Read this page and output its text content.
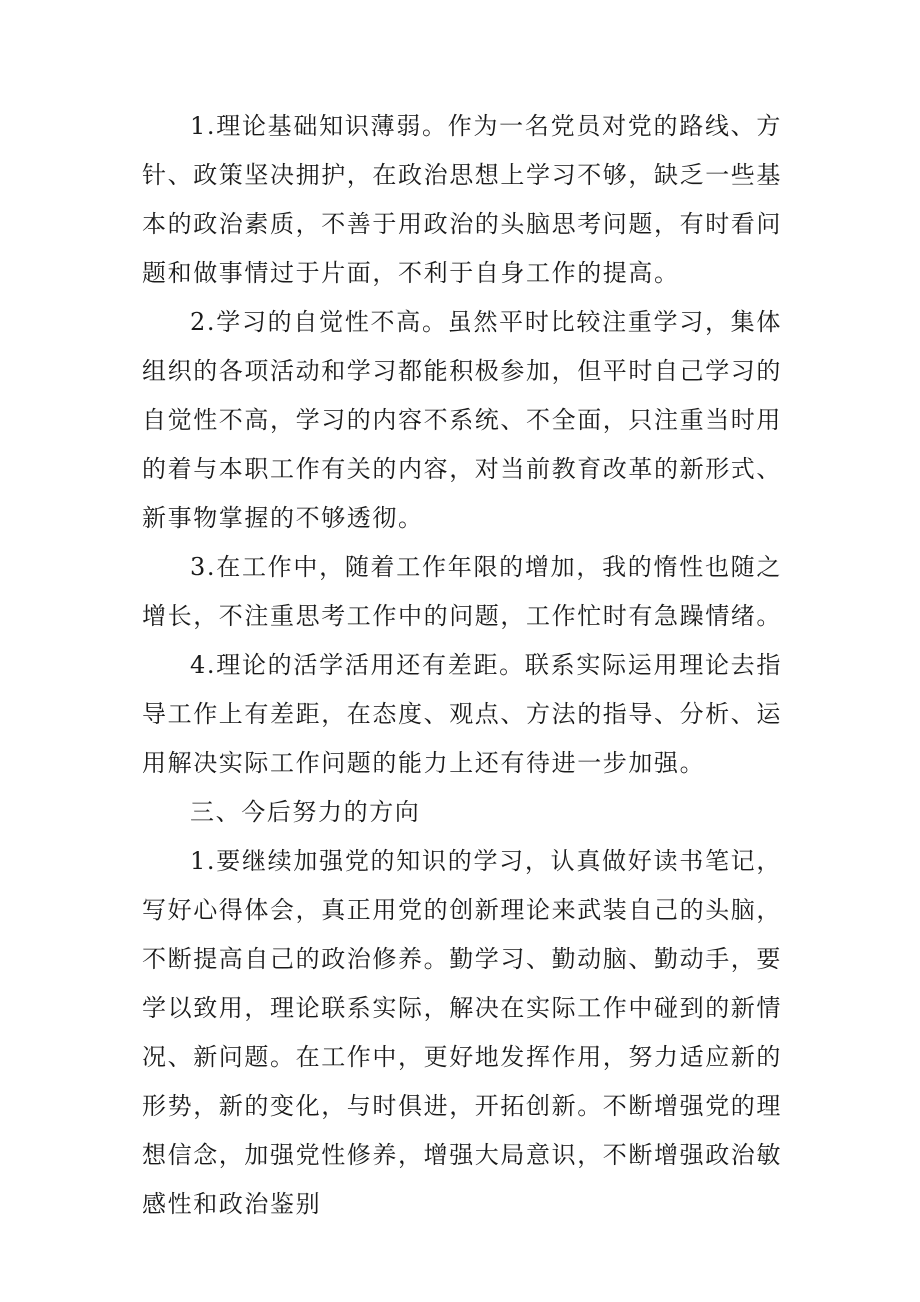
1.理论基础知识薄弱。作为一名党员对党的路线、方针、政策坚决拥护，在政治思想上学习不够，缺乏一些基本的政治素质，不善于用政治的头脑思考问题，有时看问题和做事情过于片面，不利于自身工作的提高。

2.学习的自觉性不高。虽然平时比较注重学习，集体组织的各项活动和学习都能积极参加，但平时自己学习的自觉性不高，学习的内容不系统、不全面，只注重当时用的着与本职工作有关的内容，对当前教育改革的新形式、新事物掌握的不够透彻。

3.在工作中，随着工作年限的增加，我的惰性也随之增长，不注重思考工作中的问题，工作忙时有急躁情绪。

4.理论的活学活用还有差距。联系实际运用理论去指导工作上有差距，在态度、观点、方法的指导、分析、运用解决实际工作问题的能力上还有待进一步加强。

三、今后努力的方向

1.要继续加强党的知识的学习，认真做好读书笔记，写好心得体会，真正用党的创新理论来武装自己的头脑，不断提高自己的政治修养。勤学习、勤动脑、勤动手，要学以致用，理论联系实际，解决在实际工作中碰到的新情况、新问题。在工作中，更好地发挥作用，努力适应新的形势，新的变化，与时俱进，开拓创新。不断增强党的理想信念，加强党性修养，增强大局意识，不断增强政治敏感性和政治鉴别
